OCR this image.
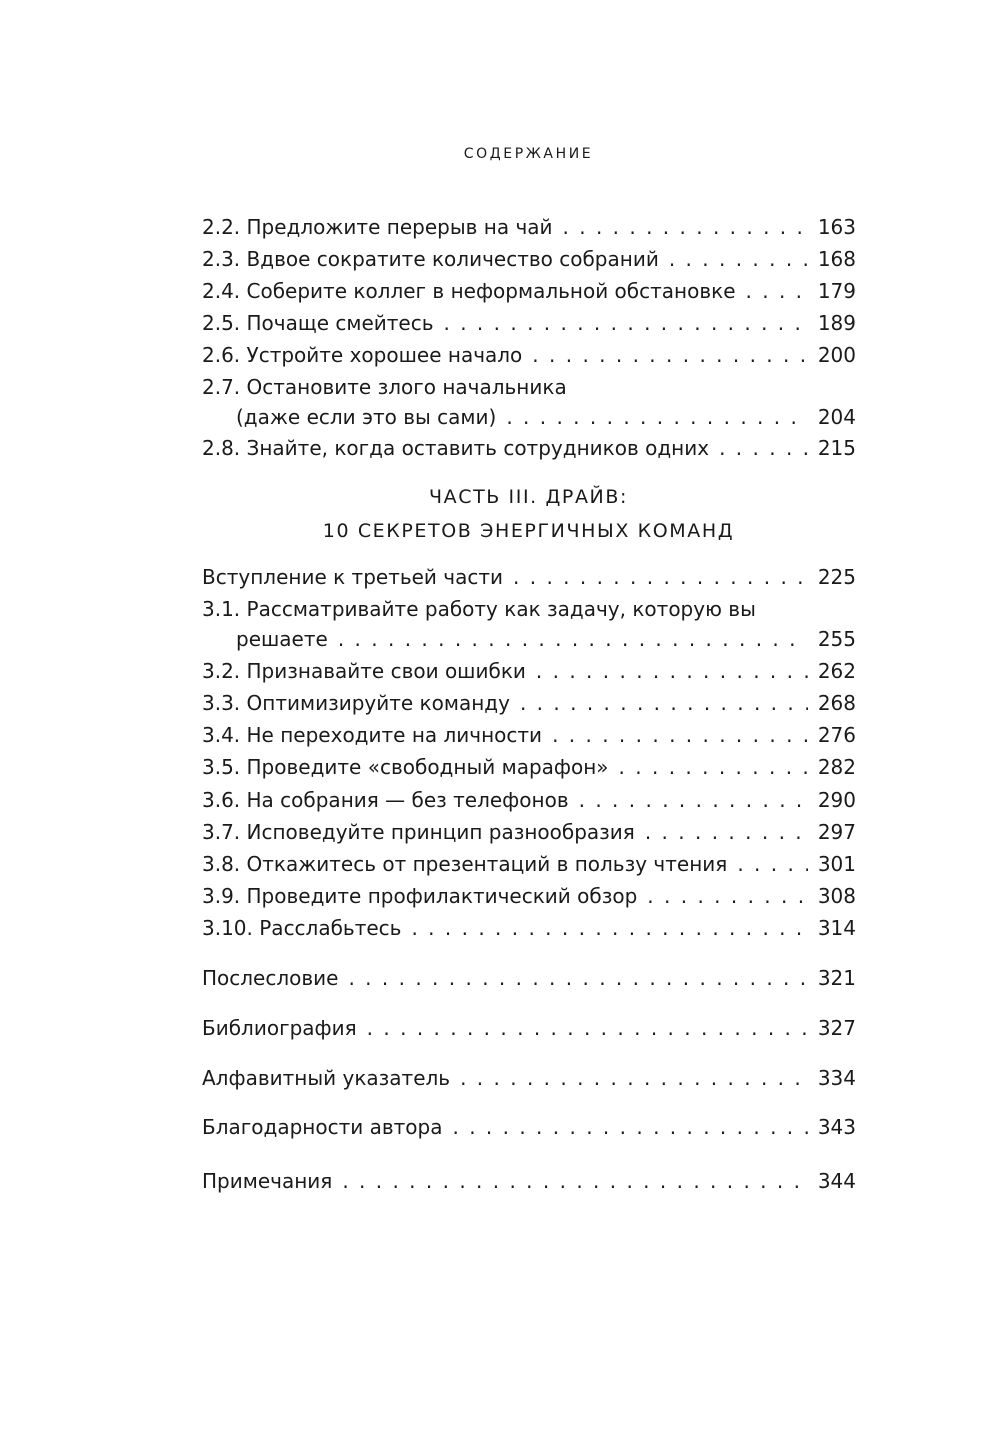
СОДЕРЖАНИЕ
2.2. Предложите перерыв на чай . . .	163
2.3. Вдвое сократите количество собраний . . .	168
2.4. Соберите коллег в неформальной обстановке . . .	179
2.5. Почаще смейтесь . . .	189
2.6. Устройте хорошее начало . . .	200
2.7. Остановите злого начальника
(даже если это вы сами) . . .	204
2.8. Знайте, когда оставить сотрудников одних . . .	215
Вступление к третьей части . . .	225
3.1. Рассматривайте работу как задачу, которую вы
решаете . . .	255
3.2. Признавайте свои ошибки . . .	262
3.3. Оптимизируйте команду . . .	268
3.4. Не переходите на личности . . .	276
3.5. Проведите «свободный марафон» . . .	282
3.6. На собрания — без телефонов . . .	290
3.7. Исповедуйте принцип разнообразия . . .	297
3.8. Откажитесь от презентаций в пользу чтения . . .	301
3.9. Проведите профилактический обзор . . .	308
3.10. Расслабьтесь . . .	314
Послесловие . . .	321
Библиография . . .	327
Алфавитный указатель . . .	334
Благодарности автора . . .	343
Примечания . . .	344
ЧАСТЬ III. ДРАЙВ:
10 СЕКРЕТОВ ЭНЕРГИЧНЫХ КОМАНД
